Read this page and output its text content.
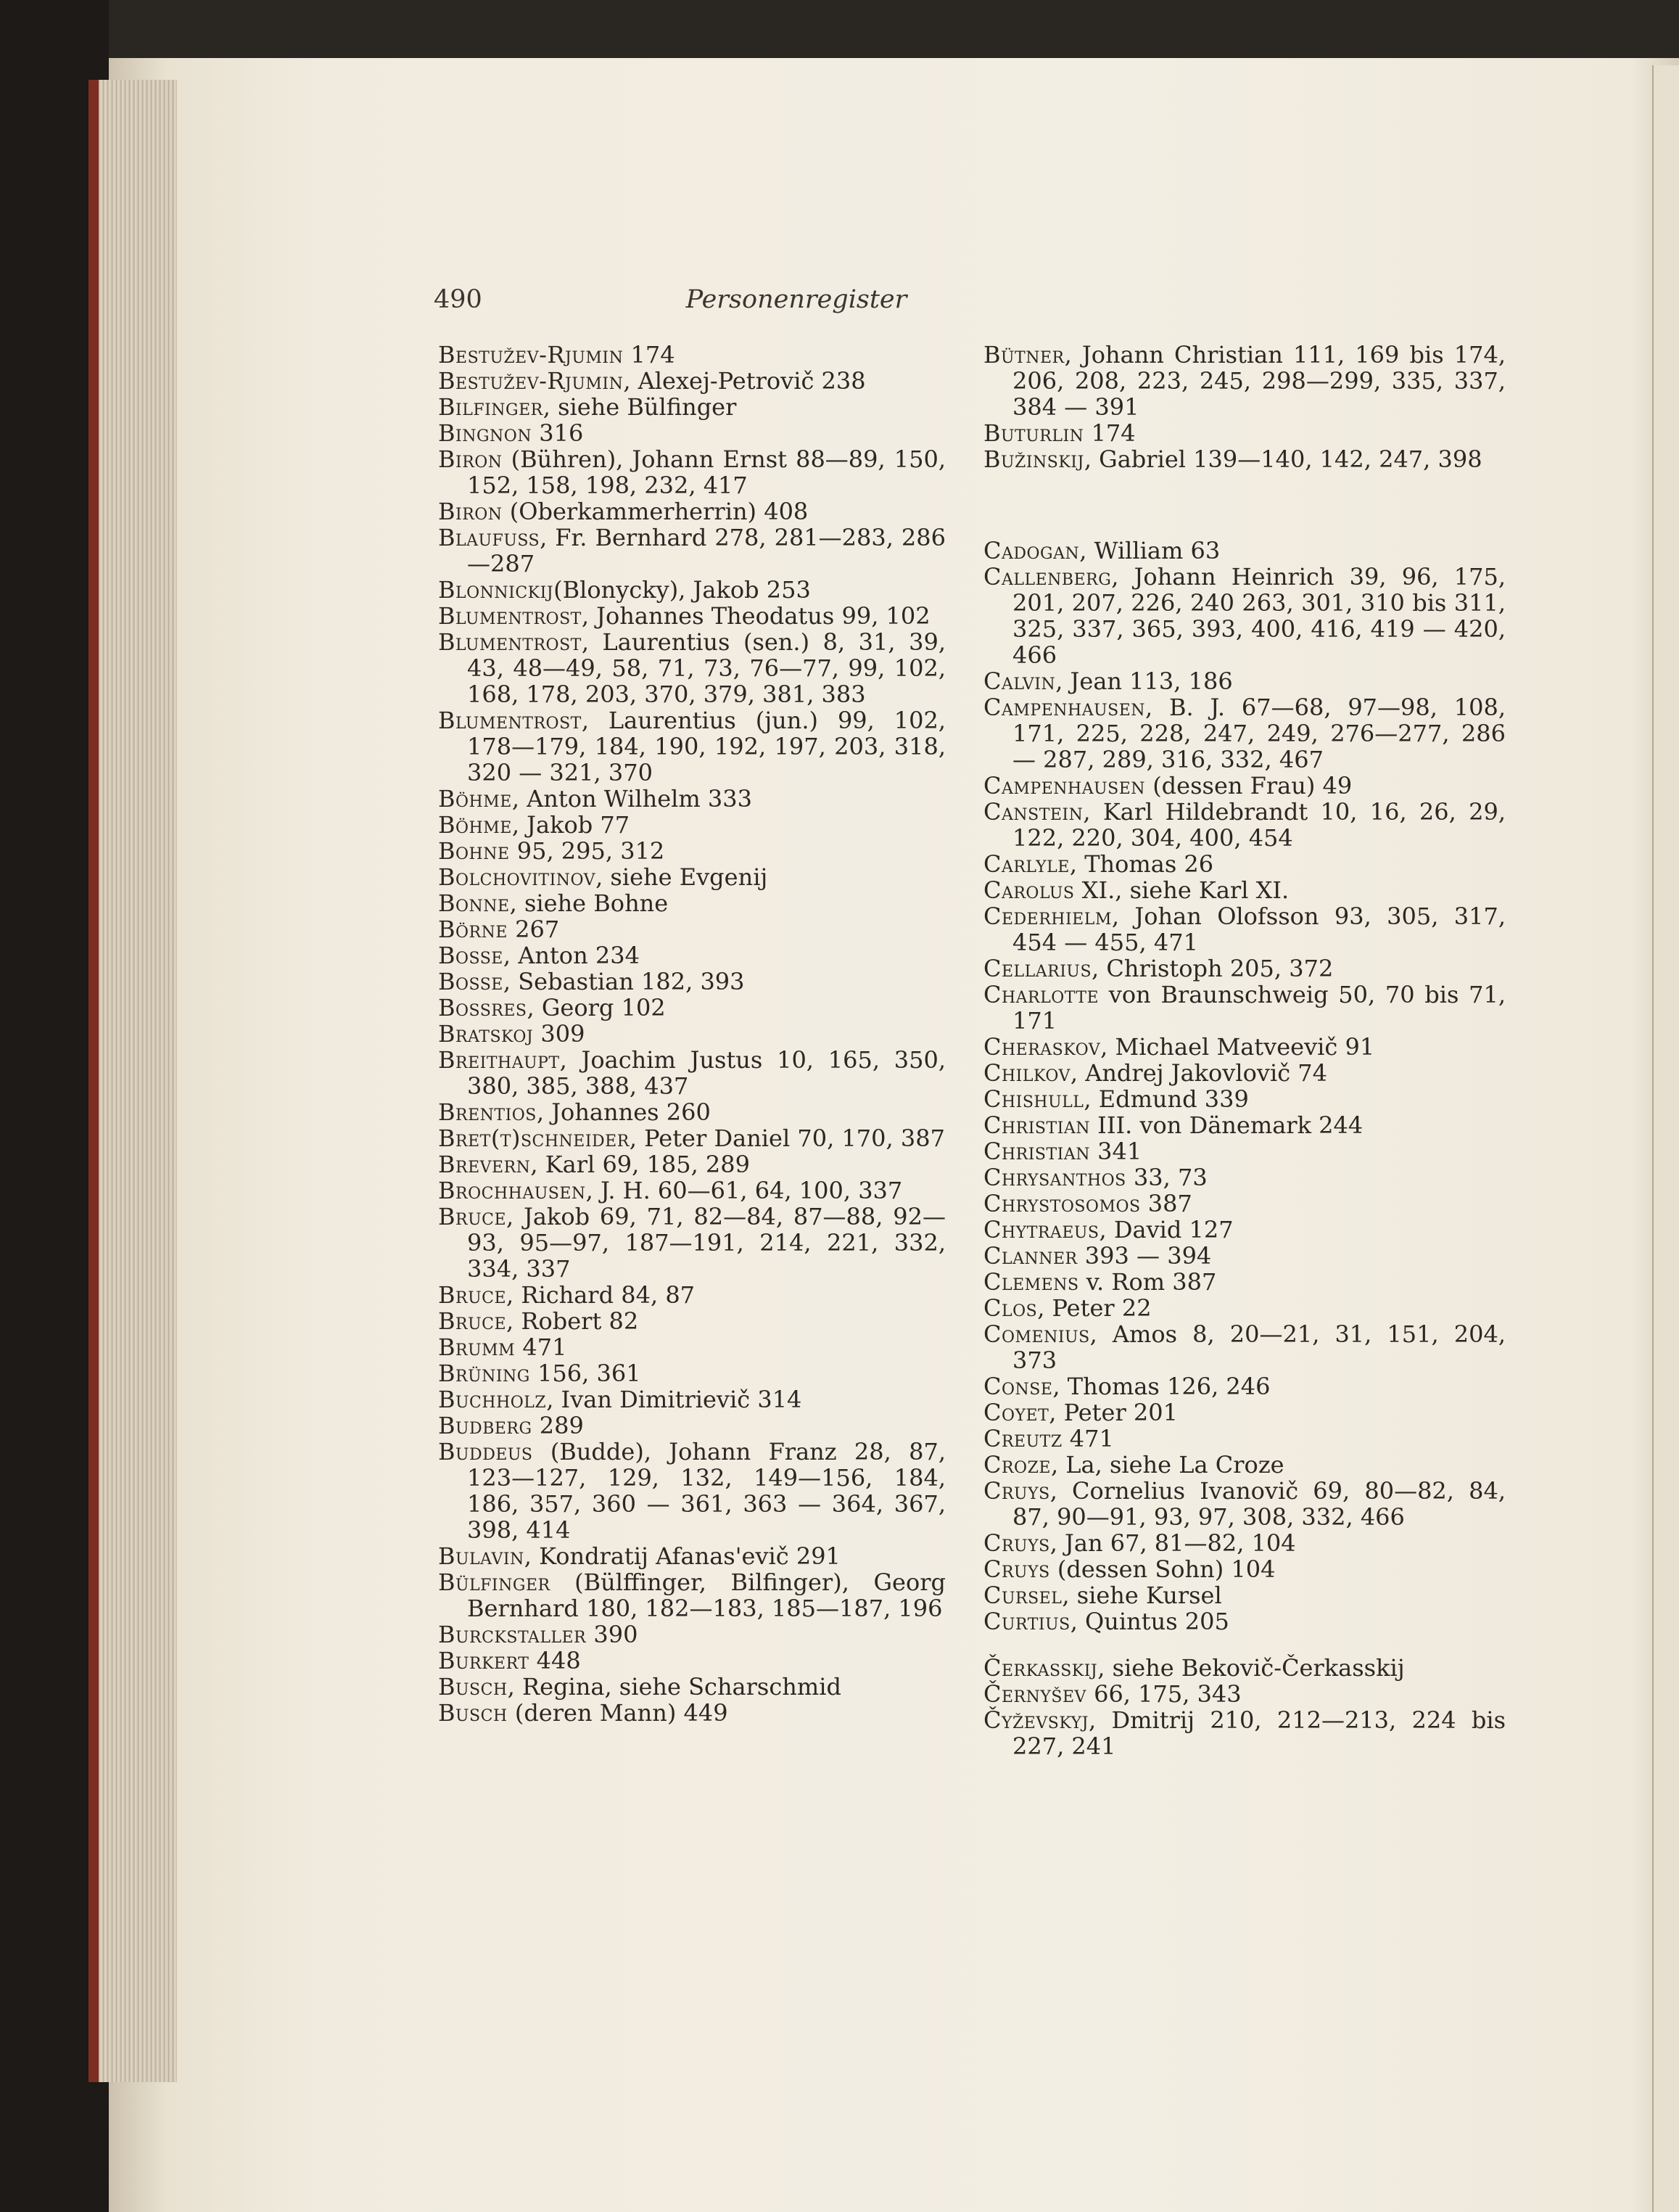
490	Personenregister

Bestužev-Rjumin 174

Bestužev-Rjumin, Alexej-Petrovič 238

Bilfinger, siehe Bülfinger

Bingnon 316

Biron (Bühren), Johann Ernst 88—89, 150, 152, 158, 198, 232, 417

Biron (Oberkammerherrin) 408

Blaufuss, Fr. Bernhard 278, 281—283, 286—287

Blonnickij(Blonycky), Jakob 253

Blumentrost, Johannes Theodatus 99, 102

Blumentrost, Laurentius (sen.) 8, 31, 39, 43, 48—49, 58, 71, 73, 76—77, 99, 102, 168, 178, 203, 370, 379, 381, 383

Blumentrost, Laurentius (jun.) 99, 102, 178—179, 184, 190, 192, 197, 203, 318, 320 — 321, 370

Böhme, Anton Wilhelm 333

Böhme, Jakob 77

Bohne 95, 295, 312

Bolchovitinov, siehe Evgenij

Bonne, siehe Bohne

Börne 267

Bosse, Anton 234

Bosse, Sebastian 182, 393

Bossres, Georg 102

Bratskoj 309

Breithaupt, Joachim Justus 10, 165, 350, 380, 385, 388, 437

Brentios, Johannes 260

Bret(t)schneider, Peter Daniel 70, 170, 387

Brevern, Karl 69, 185, 289

Brochhausen, J. H. 60—61, 64, 100, 337

Bruce, Jakob 69, 71, 82—84, 87—88, 92—93, 95—97, 187—191, 214, 221, 332, 334, 337

Bruce, Richard 84, 87

Bruce, Robert 82

Brumm 471

Brüning 156, 361

Buchholz, Ivan Dimitrievič 314

Budberg 289

Buddeus (Budde), Johann Franz 28, 87, 123—127, 129, 132, 149—156, 184, 186, 357, 360 — 361, 363 — 364, 367, 398, 414

Bulavin, Kondratij Afanas'evič 291

Bülfinger (Bülffinger, Bilfinger), Georg Bernhard 180, 182—183, 185—187, 196

Burckstaller 390

Burkert 448

Busch, Regina, siehe Scharschmid

Busch (deren Mann) 449

Bütner, Johann Christian 111, 169 bis 174, 206, 208, 223, 245, 298—299, 335, 337, 384 — 391

Buturlin 174

Bužinskij, Gabriel 139—140, 142, 247, 398

Cadogan, William 63

Callenberg, Johann Heinrich 39, 96, 175, 201, 207, 226, 240 263, 301, 310 bis 311, 325, 337, 365, 393, 400, 416, 419 — 420, 466

Calvin, Jean 113, 186

Campenhausen, B. J. 67—68, 97—98, 108, 171, 225, 228, 247, 249, 276—277, 286 — 287, 289, 316, 332, 467

Campenhausen (dessen Frau) 49

Canstein, Karl Hildebrandt 10, 16, 26, 29, 122, 220, 304, 400, 454

Carlyle, Thomas 26

Carolus XI., siehe Karl XI.

Cederhielm, Johan Olofsson 93, 305, 317, 454 — 455, 471

Cellarius, Christoph 205, 372

Charlotte von Braunschweig 50, 70 bis 71, 171

Cheraskov, Michael Matveevič 91

Chilkov, Andrej Jakovlovič 74

Chishull, Edmund 339

Christian III. von Dänemark 244

Christian 341

Chrysanthos 33, 73

Chrystosomos 387

Chytraeus, David 127

Clanner 393 — 394

Clemens v. Rom 387

Clos, Peter 22

Comenius, Amos 8, 20—21, 31, 151, 204, 373

Conse, Thomas 126, 246

Coyet, Peter 201

Creutz 471

Croze, La, siehe La Croze

Cruys, Cornelius Ivanovič 69, 80—82, 84, 87, 90—91, 93, 97, 308, 332, 466

Cruys, Jan 67, 81—82, 104

Cruys (dessen Sohn) 104

Cursel, siehe Kursel

Curtius, Quintus 205

Čerkasskij, siehe Bekovič-Čerkasskij

Černyšev 66, 175, 343

Čyževskyj, Dmitrij 210, 212—213, 224 bis 227, 241
